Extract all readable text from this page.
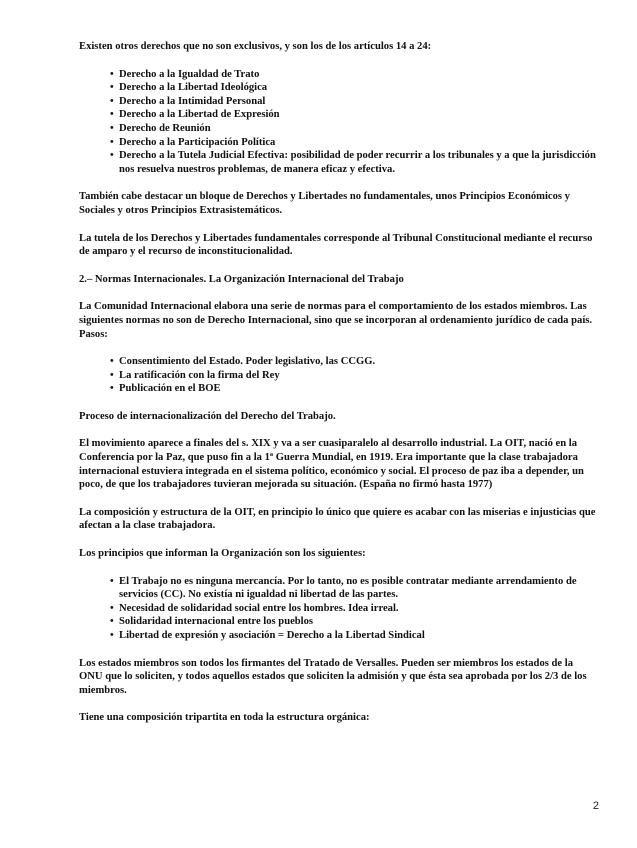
Existen otros derechos que no son exclusivos, y son los de los artículos 14 a 24:

• Derecho a la Igualdad de Trato
• Derecho a la Libertad Ideológica
• Derecho a la Intimidad Personal
• Derecho a la Libertad de Expresión
• Derecho de Reunión
• Derecho a la Participación Política
• Derecho a la Tutela Judicial Efectiva: posibilidad de poder recurrir a los tribunales y a que la jurisdicción nos resuelva nuestros problemas, de manera eficaz y efectiva.

También cabe destacar un bloque de Derechos y Libertades no fundamentales, unos Principios Económicos y Sociales y otros Principios Extrasistemáticos.

La tutela de los Derechos y Libertades fundamentales corresponde al Tribunal Constitucional mediante el recurso de amparo y el recurso de inconstitucionalidad.

2.– Normas Internacionales. La Organización Internacional del Trabajo

La Comunidad Internacional elabora una serie de normas para el comportamiento de los estados miembros. Las siguientes normas no son de Derecho Internacional, sino que se incorporan al ordenamiento jurídico de cada país. Pasos:

• Consentimiento del Estado. Poder legislativo, las CCGG.
• La ratificación con la firma del Rey
• Publicación en el BOE

Proceso de internacionalización del Derecho del Trabajo.

El movimiento aparece a finales del s. XIX y va a ser cuasiparalelo al desarrollo industrial. La OIT, nació en la Conferencia por la Paz, que puso fin a la 1ª Guerra Mundial, en 1919. Era importante que la clase trabajadora internacional estuviera integrada en el sistema político, económico y social. El proceso de paz iba a depender, un poco, de que los trabajadores tuvieran mejorada su situación. (España no firmó hasta 1977)

La composición y estructura de la OIT, en principio lo único que quiere es acabar con las miserias e injusticias que afectan a la clase trabajadora.

Los principios que informan la Organización son los siguientes:

• El Trabajo no es ninguna mercancía. Por lo tanto, no es posible contratar mediante arrendamiento de servicios (CC). No existía ni igualdad ni libertad de las partes.
• Necesidad de solidaridad social entre los hombres. Idea irreal.
• Solidaridad internacional entre los pueblos
• Libertad de expresión y asociación = Derecho a la Libertad Sindical

Los estados miembros son todos los firmantes del Tratado de Versalles. Pueden ser miembros los estados de la ONU que lo soliciten, y todos aquellos estados que soliciten la admisión y que ésta sea aprobada por los 2/3 de los miembros.

Tiene una composición tripartita en toda la estructura orgánica:

2
